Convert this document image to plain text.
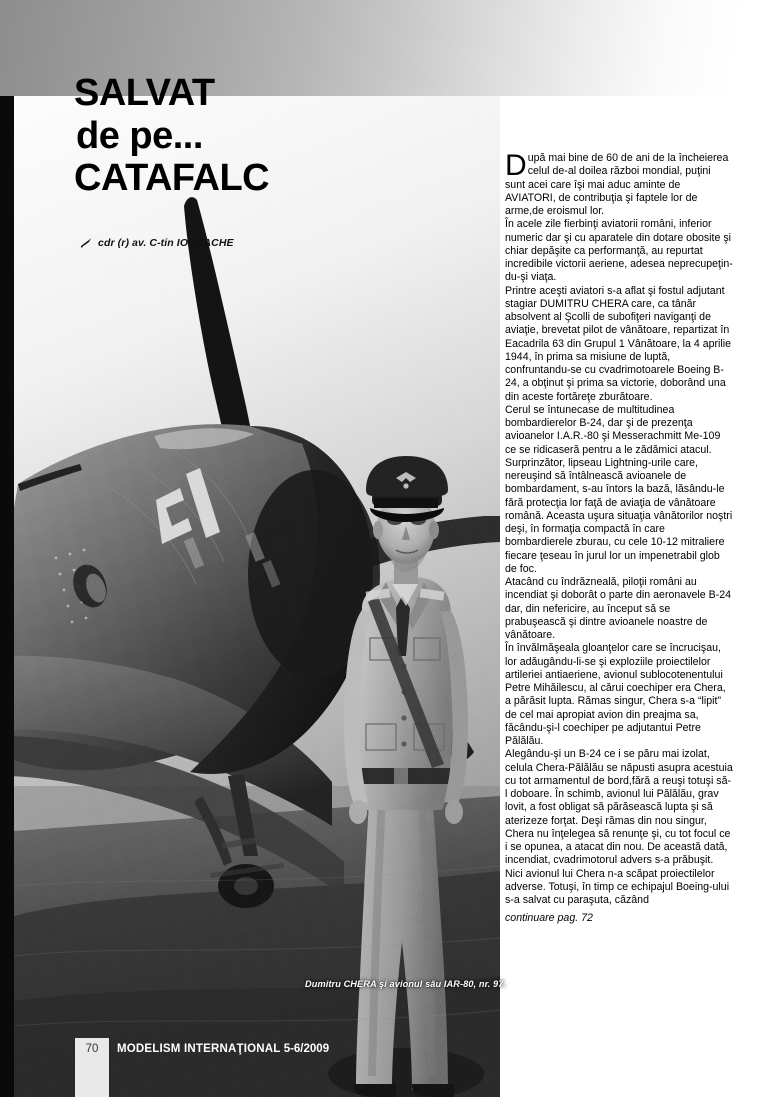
SALVAT
de pe...
CATAFALC
cdr (r) av. C-tin IORDACHE
Dumitru CHERA şi avionul său IAR-80, nr. 97.

După mai bine de 60 de ani de la încheierea celul de-al doilea război mondial, puţini sunt acei care îşi mai aduc aminte de AVIATORI, de contribuţia şi faptele lor de arme,de eroismul lor.

În acele zile fierbinţi aviatorii români, inferior numeric dar şi cu aparatele din dotare obosite şi chiar depăşite ca performanţă, au repurtat incredibile victorii aeriene, adesea neprecupeţin-du-şi viaţa.

Printre aceşti aviatori s-a aflat şi fostul adjutant stagiar DUMITRU CHERA care, ca tânăr absolvent al Şcolli de subofiţeri naviganţi de aviaţie, brevetat pilot de vânătoare, repartizat în Eacadrila 63 din Grupul 1 Vânătoare, la 4 aprilie 1944, în prima sa misiune de luptă, confruntandu-se cu cvadrimotoarele Boeing B-24, a obţinut şi prima sa victorie, doborând una din aceste fortăreţe zburătoare.

Cerul se întunecase de multitudinea bombardierelor B-24, dar şi de prezenţa avioanelor I.A.R.-80 şi Messerachmitt Me-109 ce se ridicaseră pentru a le zădămici atacul. Surprinzător, lipseau Lightning-urile care, nereuşind să întâlnească avioanele de bombardament, s-au întors la bază, lăsându-le fără protecţia lor faţă de aviaţia de vânătoare română. Aceasta uşura situaţia vânătorilor noştri deşi, în formaţia compactă în care bombardierele zburau, cu cele 10-12 mitraliere fiecare ţeseau în jurul lor un impenetrabil glob de foc.

Atacând cu îndrăzneală, piloţii români au incendiat şi doborât o parte din aeronavele B-24 dar, din nefericire, au început să se prabuşească şi dintre avioanele noastre de vânătoare.

În învălmăşeala gloanţelor care se încrucişau, lor adăugându-li-se şi exploziile proiectilelor artileriei antiaeriene, avionul sublocotenentului Petre Mihăilescu, al cărui coechiper era Chera, a părăsit lupta. Rămas singur, Chera s-a “lipit” de cel mai apropiat avion din preajma sa, făcându-şi-l coechiper pe adjutantui Petre Pălălău.

Alegându-şi un B-24 ce i se păru mai izolat, celula Chera-Pălălău se năpusti asupra acestuia cu tot armamentul de bord,fără a reuşi totuşi să-l doboare. În schimb, avionul lui Pălălău, grav lovit, a fost obligat să părăsească lupta şi să aterizeze forţat. Deşi rămas din nou singur, Chera nu înţelegea să renunţe şi, cu tot focul ce i se opunea, a atacat din nou. De această dată, incendiat, cvadrimotorul advers s-a prăbuşit. Nici avionul lui Chera n-a scăpat proiectilelor adverse. Totuşi, în timp ce echipajul Boeing-ului s-a salvat cu paraşuta, căzând

continuare pag. 72

70	MODELISM INTERNAŢIONAL 5-6/2009
